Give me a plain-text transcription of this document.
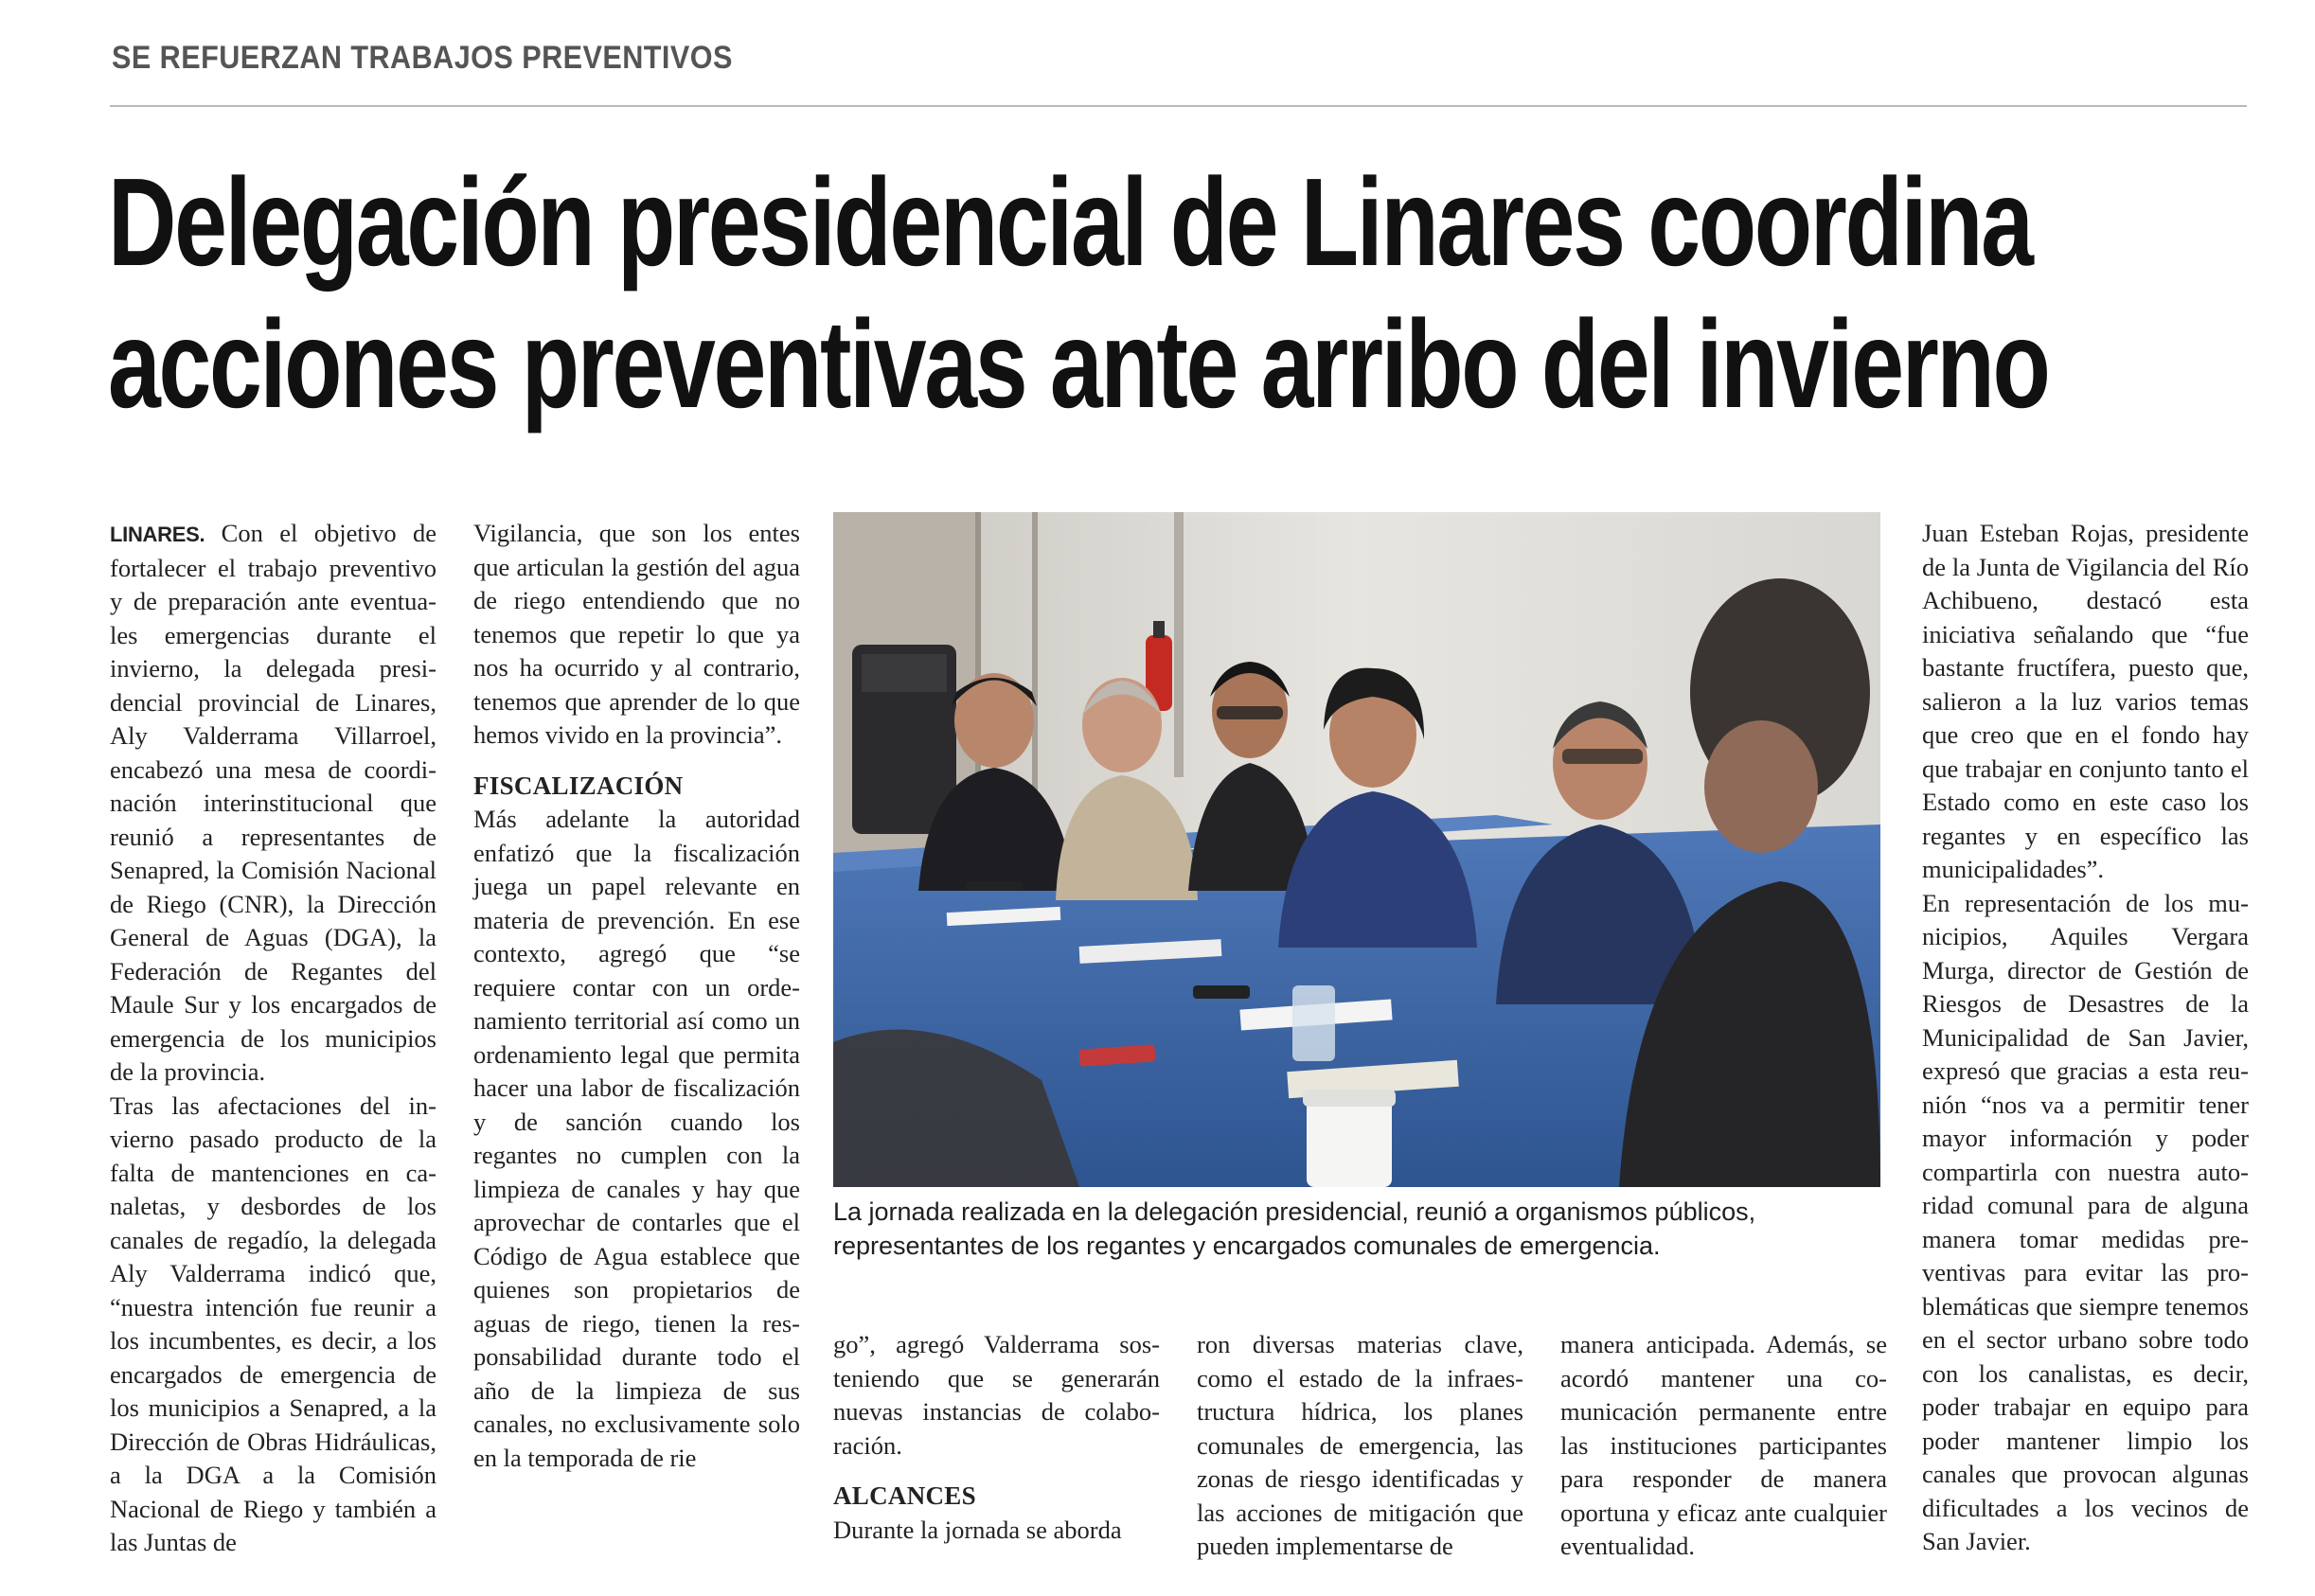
SE REFUERZAN TRABAJOS PREVENTIVOS
Delegación presidencial de Linares coordina
acciones preventivas ante arribo del invierno

LINARES. Con el objetivo de fortalecer el trabajo preventivo y de preparación ante eventuales emergencias durante el invierno, la delegada presidencial provincial de Linares, Aly Valderrama Villarroel, encabezó una mesa de coordinación interinstitucional que reunió a representantes de Senapred, la Comisión Nacional de Riego (CNR), la Dirección General de Aguas (DGA), la Federación de Regantes del Maule Sur y los encargados de emergencia de los municipios de la provincia.

Tras las afectaciones del invierno pasado producto de la falta de mantenciones en canaletas, y desbordes de los canales de regadío, la delegada Aly Valderrama indicó que, “nuestra intención fue reunir a los incumbentes, es decir, a los encargados de emergencia de los municipios a Senapred, a la Dirección de Obras Hidráulicas, a la DGA a la Comisión Nacional de Riego y también a las Juntas de

Vigilancia, que son los entes que articulan la gestión del agua de riego entendiendo que no tenemos que repetir lo que ya nos ha ocurrido y al contrario, tenemos que aprender de lo que hemos vivido en la provincia”.

FISCALIZACIÓN

Más adelante la autoridad enfatizó que la fiscalización juega un papel relevante en materia de prevención. En ese contexto, agregó que “se requiere contar con un ordenamiento territorial así como un ordenamiento legal que permita hacer una labor de fiscalización y de sanción cuando los regantes no cumplen con la limpieza de canales y hay que aprovechar de contarles que el Código de Agua establece que quienes son propietarios de aguas de riego, tienen la responsabilidad durante todo el año de la limpieza de sus canales, no exclusivamente solo en la temporada de rie

La jornada realizada en la delegación presidencial, reunió a organismos públicos,
representantes de los regantes y encargados comunales de emergencia.

go”, agregó Valderrama sosteniendo que se generarán nuevas instancias de colaboración.

ALCANCES

Durante la jornada se aborda

ron diversas materias clave, como el estado de la infraestructura hídrica, los planes comunales de emergencia, las zonas de riesgo identificadas y las acciones de mitigación que pueden implementarse de

manera anticipada. Además, se acordó mantener una comunicación permanente entre las instituciones participantes para responder de manera oportuna y eficaz ante cualquier eventualidad.

Juan Esteban Rojas, presidente de la Junta de Vigilancia del Río Achibueno, destacó esta iniciativa señalando que “fue bastante fructífera, puesto que, salieron a la luz varios temas que creo que en el fondo hay que trabajar en conjunto tanto el Estado como en este caso los regantes y en específico las municipalidades”.

En representación de los municipios, Aquiles Vergara Murga, director de Gestión de Riesgos de Desastres de la Municipalidad de San Javier, expresó que gracias a esta reunión “nos va a permitir tener mayor información y poder compartirla con nuestra autoridad comunal para de alguna manera tomar medidas preventivas para evitar las problemáticas que siempre tenemos en el sector urbano sobre todo con los canalistas, es decir, poder trabajar en equipo para poder mantener limpio los canales que provocan algunas dificultades a los vecinos de San Javier.
